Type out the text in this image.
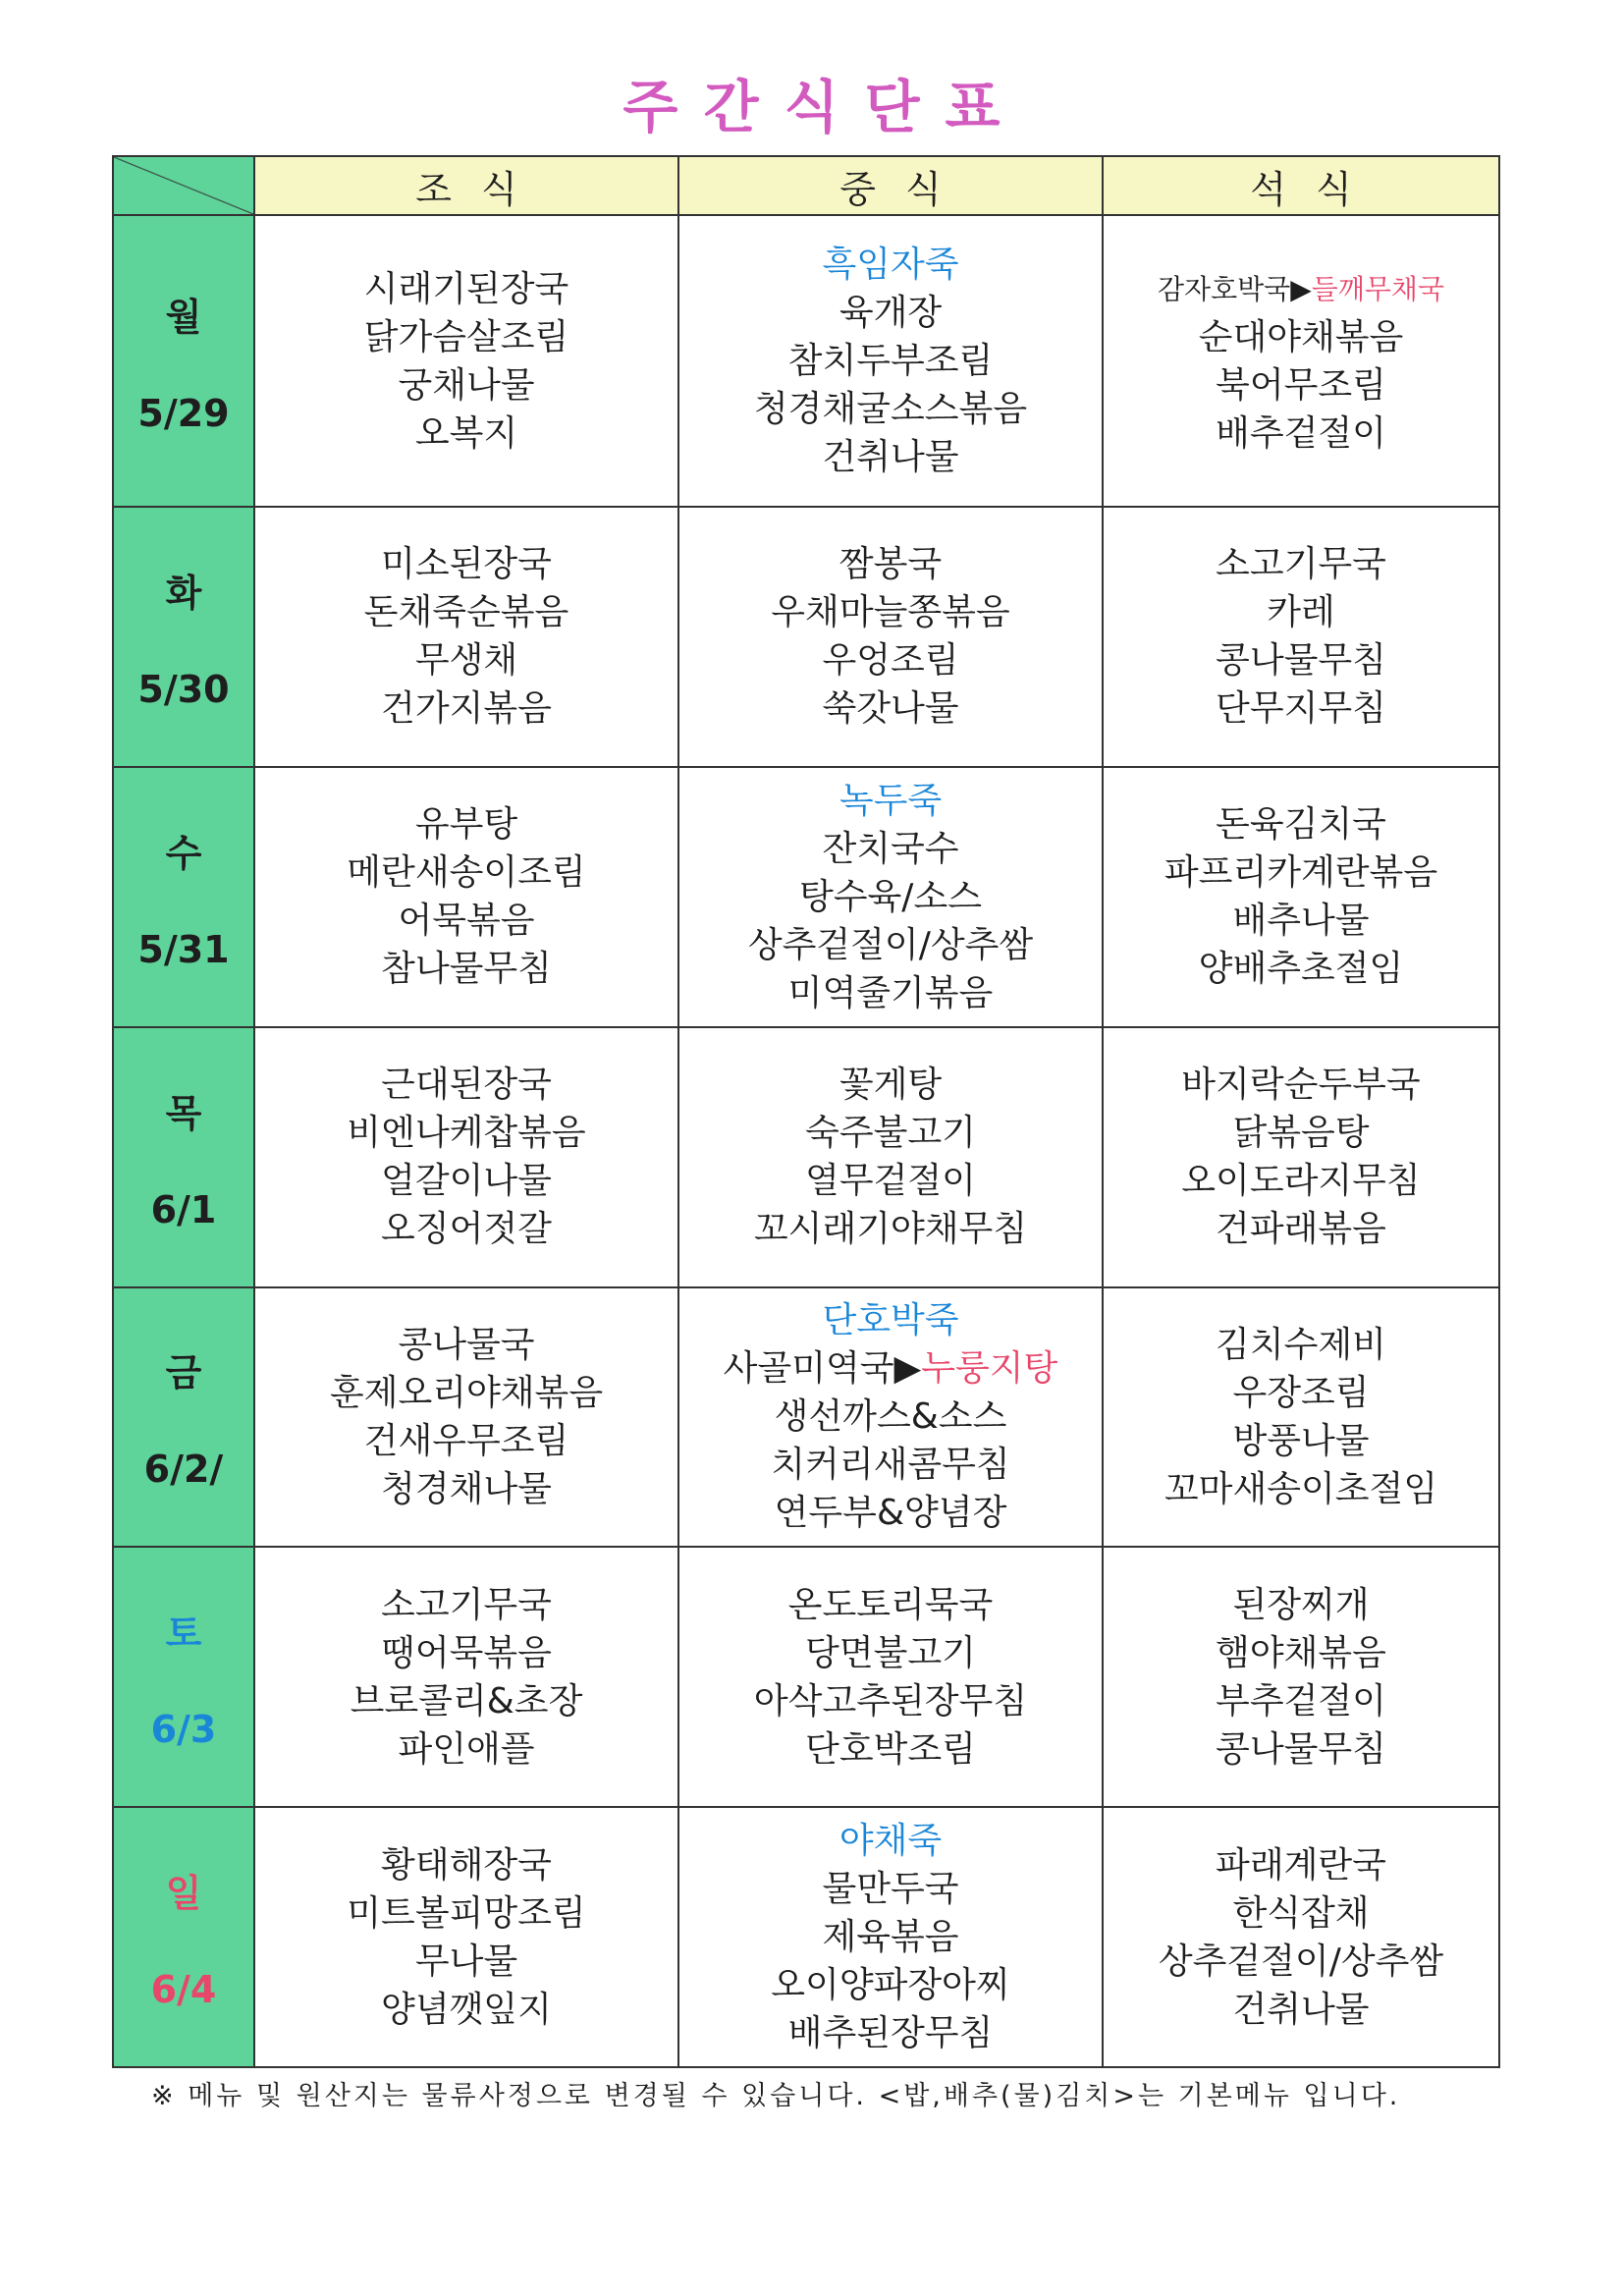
주간식단표
	조식	중식	석식

월
5/29	시래기된장국
닭가슴살조림
궁채나물
오복지	흑임자죽
육개장
참치두부조림
청경채굴소스볶음
건취나물	감자호박국▶들깨무채국
순대야채볶음
북어무조림
배추겉절이

화
5/30	미소된장국
돈채죽순볶음
무생채
건가지볶음	짬봉국
우채마늘쫑볶음
우엉조림
쑥갓나물	소고기무국
카레
콩나물무침
단무지무침

수
5/31	유부탕
메란새송이조림
어묵볶음
참나물무침	녹두죽
잔치국수
탕수육/소스
상추겉절이/상추쌈
미역줄기볶음	돈육김치국
파프리카계란볶음
배추나물
양배추초절임

목
6/1	근대된장국
비엔나케찹볶음
얼갈이나물
오징어젓갈	꽃게탕
숙주불고기
열무겉절이
꼬시래기야채무침	바지락순두부국
닭볶음탕
오이도라지무침
건파래볶음

금
6/2/	콩나물국
훈제오리야채볶음
건새우무조림
청경채나물	단호박죽
사골미역국▶누룽지탕
생선까스&소스
치커리새콤무침
연두부&양념장	김치수제비
우장조림
방풍나물
꼬마새송이초절임

토
6/3	소고기무국
땡어묵볶음
브로콜리&초장
파인애플	온도토리묵국
당면불고기
아삭고추된장무침
단호박조림	된장찌개
햄야채볶음
부추겉절이
콩나물무침

일
6/4	황태해장국
미트볼피망조림
무나물
양념깻잎지	야채죽
물만두국
제육볶음
오이양파장아찌
배추된장무침	파래계란국
한식잡채
상추겉절이/상추쌈
건취나물
※ 메뉴 및 원산지는 물류사정으로 변경될 수 있습니다. <밥,배추(물)김치>는 기본메뉴 입니다.
